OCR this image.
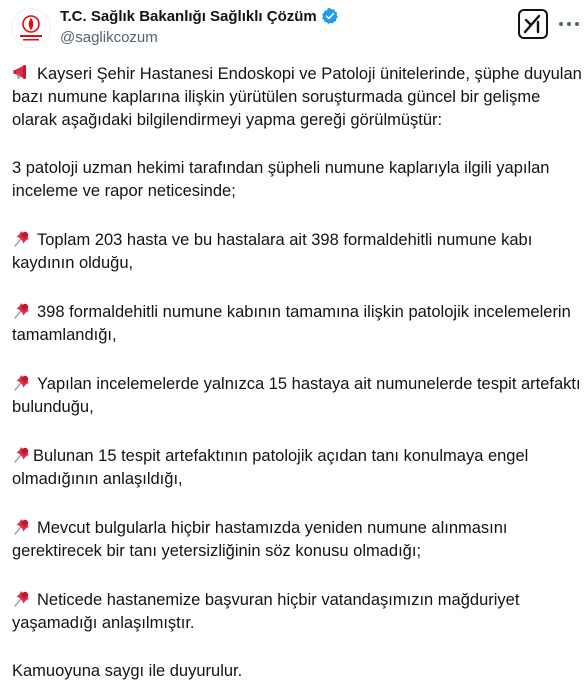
T.C. Sağlık Bakanlığı Sağlıklı Çözüm
@saglikcozum

Kayseri Şehir Hastanesi Endoskopi ve Patoloji ünitelerinde, şüphe duyulan bazı numune kaplarına ilişkin yürütülen soruşturmada güncel bir gelişme olarak aşağıdaki bilgilendirmeyi yapma gereği görülmüştür:

3 patoloji uzman hekimi tarafından şüpheli numune kaplarıyla ilgili yapılan inceleme ve rapor neticesinde;

Toplam 203 hasta ve bu hastalara ait 398 formaldehitli numune kabı kaydının olduğu,

398 formaldehitli numune kabının tamamına ilişkin patolojik incelemelerin tamamlandığı,

Yapılan incelemelerde yalnızca 15 hastaya ait numunelerde tespit artefaktı bulunduğu,

Bulunan 15 tespit artefaktının patolojik açıdan tanı konulmaya engel olmadığının anlaşıldığı,

Mevcut bulgularla hiçbir hastamızda yeniden numune alınmasını gerektirecek bir tanı yetersizliğinin söz konusu olmadığı;

Neticede hastanemize başvuran hiçbir vatandaşımızın mağduriyet yaşamadığı anlaşılmıştır.

Kamuoyuna saygı ile duyurulur.
